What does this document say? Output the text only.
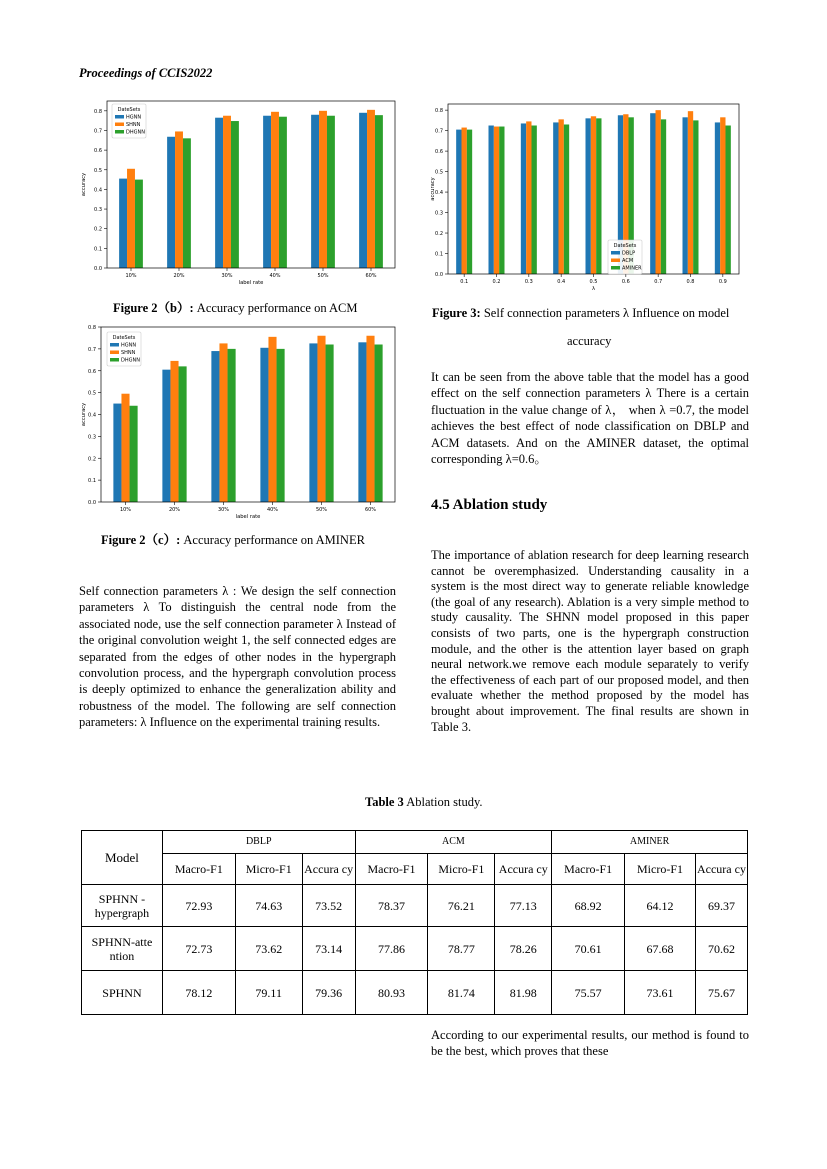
Proceedings of CCIS2022
0.0
0.1
0.2
0.3
0.4
0.5
0.6
0.7
0.8
10%	20%	30%	40%	50%	60%
label rate
accuracy
DateSets
HGNN
SHNN
DHGNN
Figure 2（b）: Accuracy performance on ACM
0.0
0.1
0.2
0.3
0.4
0.5
0.6
0.7
0.8
10%	20%	30%	40%	50%	60%
label rate
accuracy
DateSets
HGNN
SHNN
DHGNN
Figure 2（c）: Accuracy performance on AMINER
0.0
0.1
0.2
0.3
0.4
0.5
0.6
0.7
0.8
0.1	0.2	0.3	0.4	0.5	0.6	0.7	0.8	0.9
λ
accuracy
DateSets
DBLP
ACM
AMINER
Figure 3: Self connection parameters λ Influence on model
accuracy
Self connection parameters λ : We design the self connection parameters λ To distinguish the central node from the associated node, use the self connection parameter λ Instead of the original convolution weight 1, the self connected edges are separated from the edges of other nodes in the hypergraph convolution process, and the hypergraph convolution process is deeply optimized to enhance the generalization ability and robustness of the model. The following are self connection parameters: λ Influence on the experimental training results.
It can be seen from the above table that the model has a good effect on the self connection parameters λ There is a certain fluctuation in the value change of λ， when λ =0.7, the model achieves the best effect of node classification on DBLP and ACM datasets. And on the AMINER dataset, the optimal corresponding λ=0.6。
4.5 Ablation study
The importance of ablation research for deep learning research cannot be overemphasized. Understanding causality in a system is the most direct way to generate reliable knowledge (the goal of any research). Ablation is a very simple method to study causality. The SHNN model proposed in this paper consists of two parts, one is the hypergraph construction module, and the other is the attention layer based on graph neural network.we remove each module separately to verify the effectiveness of each part of our proposed model, and then evaluate whether the method proposed by the model has brought about improvement. The final results are shown in Table 3.
Table 3 Ablation study.
Model	DBLP			ACM			AMINER		
	Macro-F1	Micro-F1	Accura cy	Macro-F1	Micro-F1	Accura cy	Macro-F1	Micro-F1	Accura cy
SPHNN -hypergraph	72.93	74.63	73.52	78.37	76.21	77.13	68.92	64.12	69.37
SPHNN-atte ntion	72.73	73.62	73.14	77.86	78.77	78.26	70.61	67.68	70.62
SPHNN	78.12	79.11	79.36	80.93	81.74	81.98	75.57	73.61	75.67
According to our experimental results, our method is found to be the best, which proves that these
